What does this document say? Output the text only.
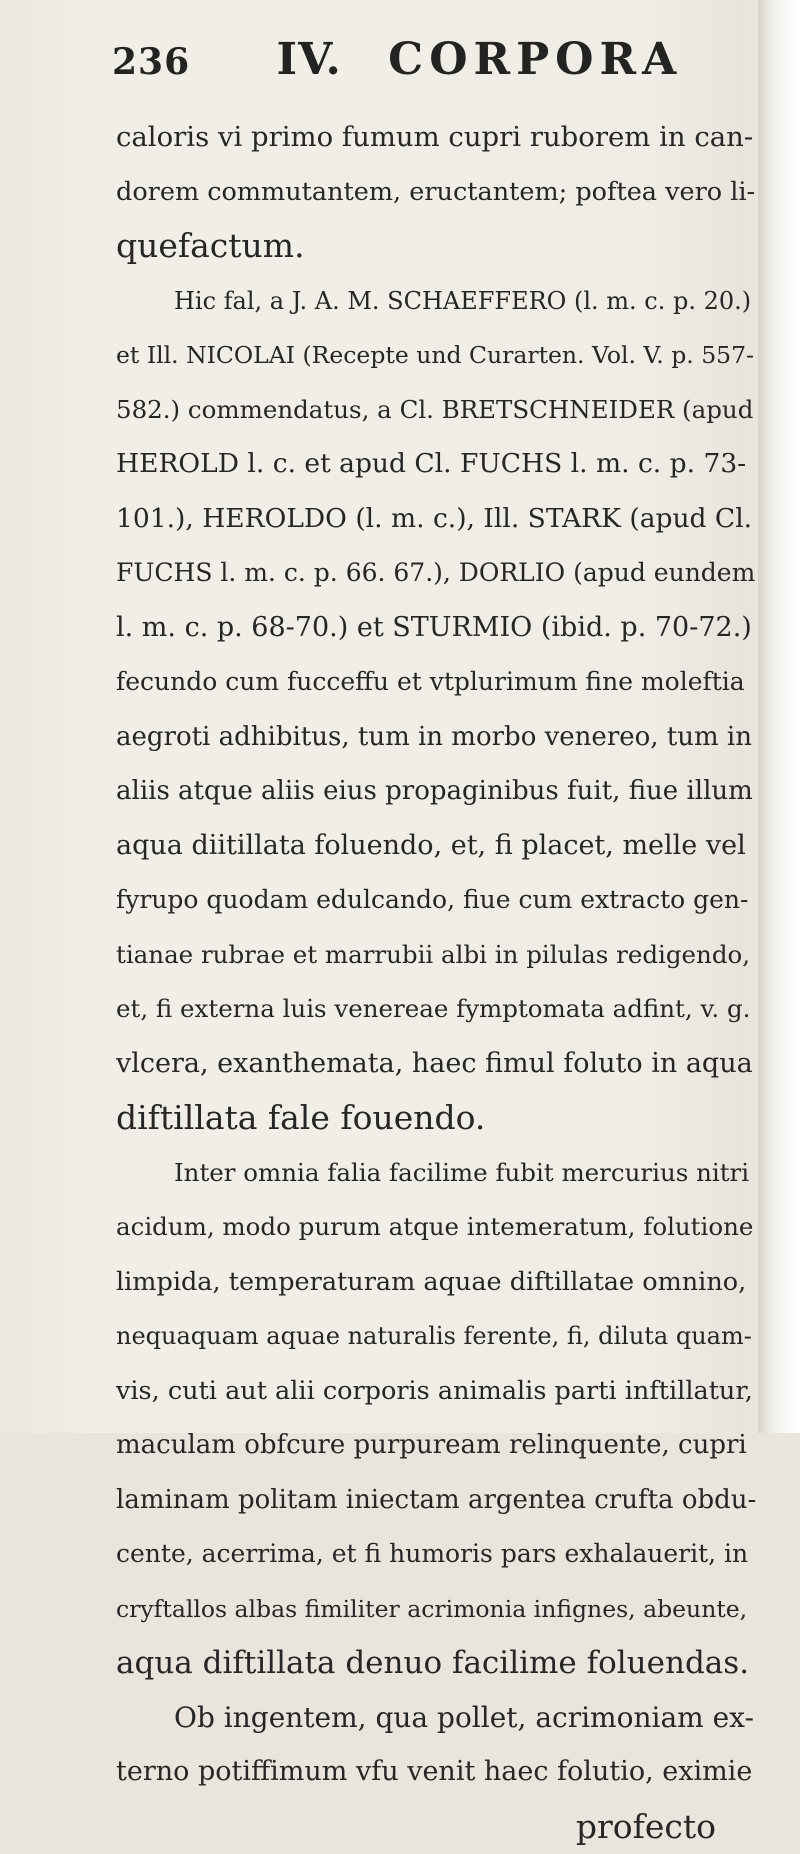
236 IV. CORPORA
caloris vi primo fumum cupri ruborem in can-
dorem commutantem, eructantem; poftea vero li-
quefactum.
Hic fal, a J. A. M. SCHAEFFERO (l. m. c. p. 20.)
et Ill. NICOLAI (Recepte und Curarten. Vol. V. p. 557-
582.) commendatus, a Cl. BRETSCHNEIDER (apud
HEROLD l. c. et apud Cl. FUCHS l. m. c. p. 73-
101.), HEROLDO (l. m. c.), Ill. STARK (apud Cl.
FUCHS l. m. c. p. 66. 67.), DORLIO (apud eundem
l. m. c. p. 68-70.) et STURMIO (ibid. p. 70-72.)
fecundo cum fucceffu et vtplurimum fine moleftia
aegroti adhibitus, tum in morbo venereo, tum in
aliis atque aliis eius propaginibus fuit, fiue illum
aqua diitillata foluendo, et, fi placet, melle vel
fyrupo quodam edulcando, fiue cum extracto gen-
tianae rubrae et marrubii albi in pilulas redigendo,
et, fi externa luis venereae fymptomata adfint, v. g.
vlcera, exanthemata, haec fimul foluto in aqua
diftillata fale fouendo.
Inter omnia falia facilime fubit mercurius nitri
acidum, modo purum atque intemeratum, folutione
limpida, temperaturam aquae diftillatae omnino,
nequaquam aquae naturalis ferente, fi, diluta quam-
vis, cuti aut alii corporis animalis parti inftillatur,
maculam obfcure purpuream relinquente, cupri
laminam politam iniectam argentea crufta obdu-
cente, acerrima, et fi humoris pars exhalauerit, in
cryftallos albas fimiliter acrimonia infignes, abeunte,
aqua diftillata denuo facilime foluendas.
Ob ingentem, qua pollet, acrimoniam ex-
terno potiffimum vfu venit haec folutio, eximie
profecto
